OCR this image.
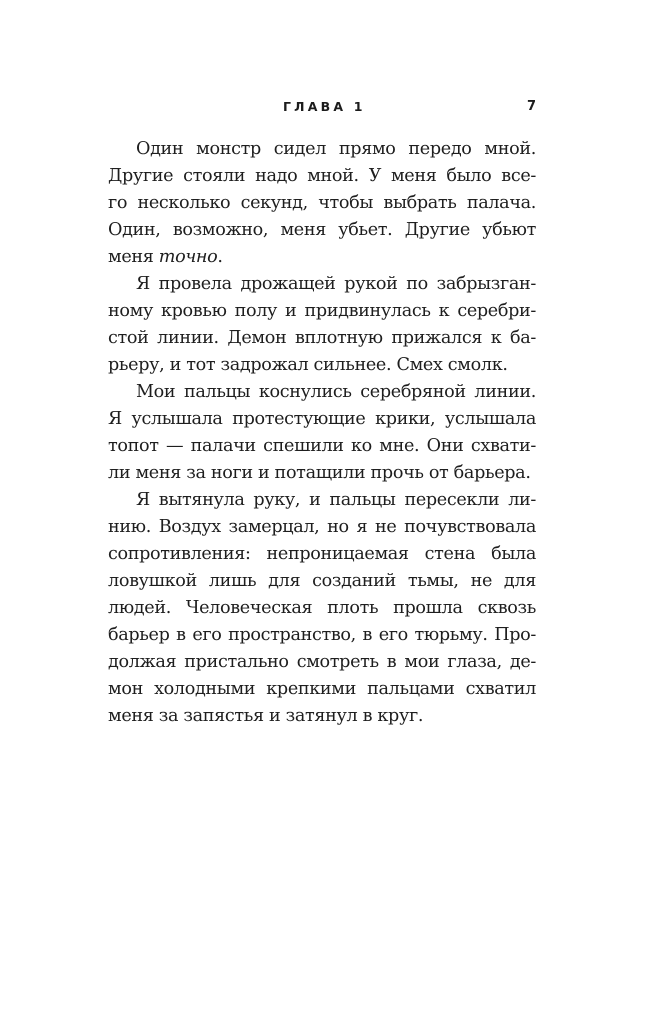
ГЛАВА 1	7
Один монстр сидел прямо передо мной.
Другие стояли надо мной. У меня было все-
го несколько секунд, чтобы выбрать палача.
Один, возможно, меня убьет. Другие убьют
меня точно.
Я провела дрожащей рукой по забрызган-
ному кровью полу и придвинулась к серебри-
стой линии. Демон вплотную прижался к ба-
рьеру, и тот задрожал сильнее. Смех смолк.
Мои пальцы коснулись серебряной линии.
Я услышала протестующие крики, услышала
топот — палачи спешили ко мне. Они схвати-
ли меня за ноги и потащили прочь от барьера.
Я вытянула руку, и пальцы пересекли ли-
нию. Воздух замерцал, но я не почувствовала
сопротивления: непроницаемая стена была
ловушкой лишь для созданий тьмы, не для
людей. Человеческая плоть прошла сквозь
барьер в его пространство, в его тюрьму. Про-
должая пристально смотреть в мои глаза, де-
мон холодными крепкими пальцами схватил
меня за запястья и затянул в круг.
